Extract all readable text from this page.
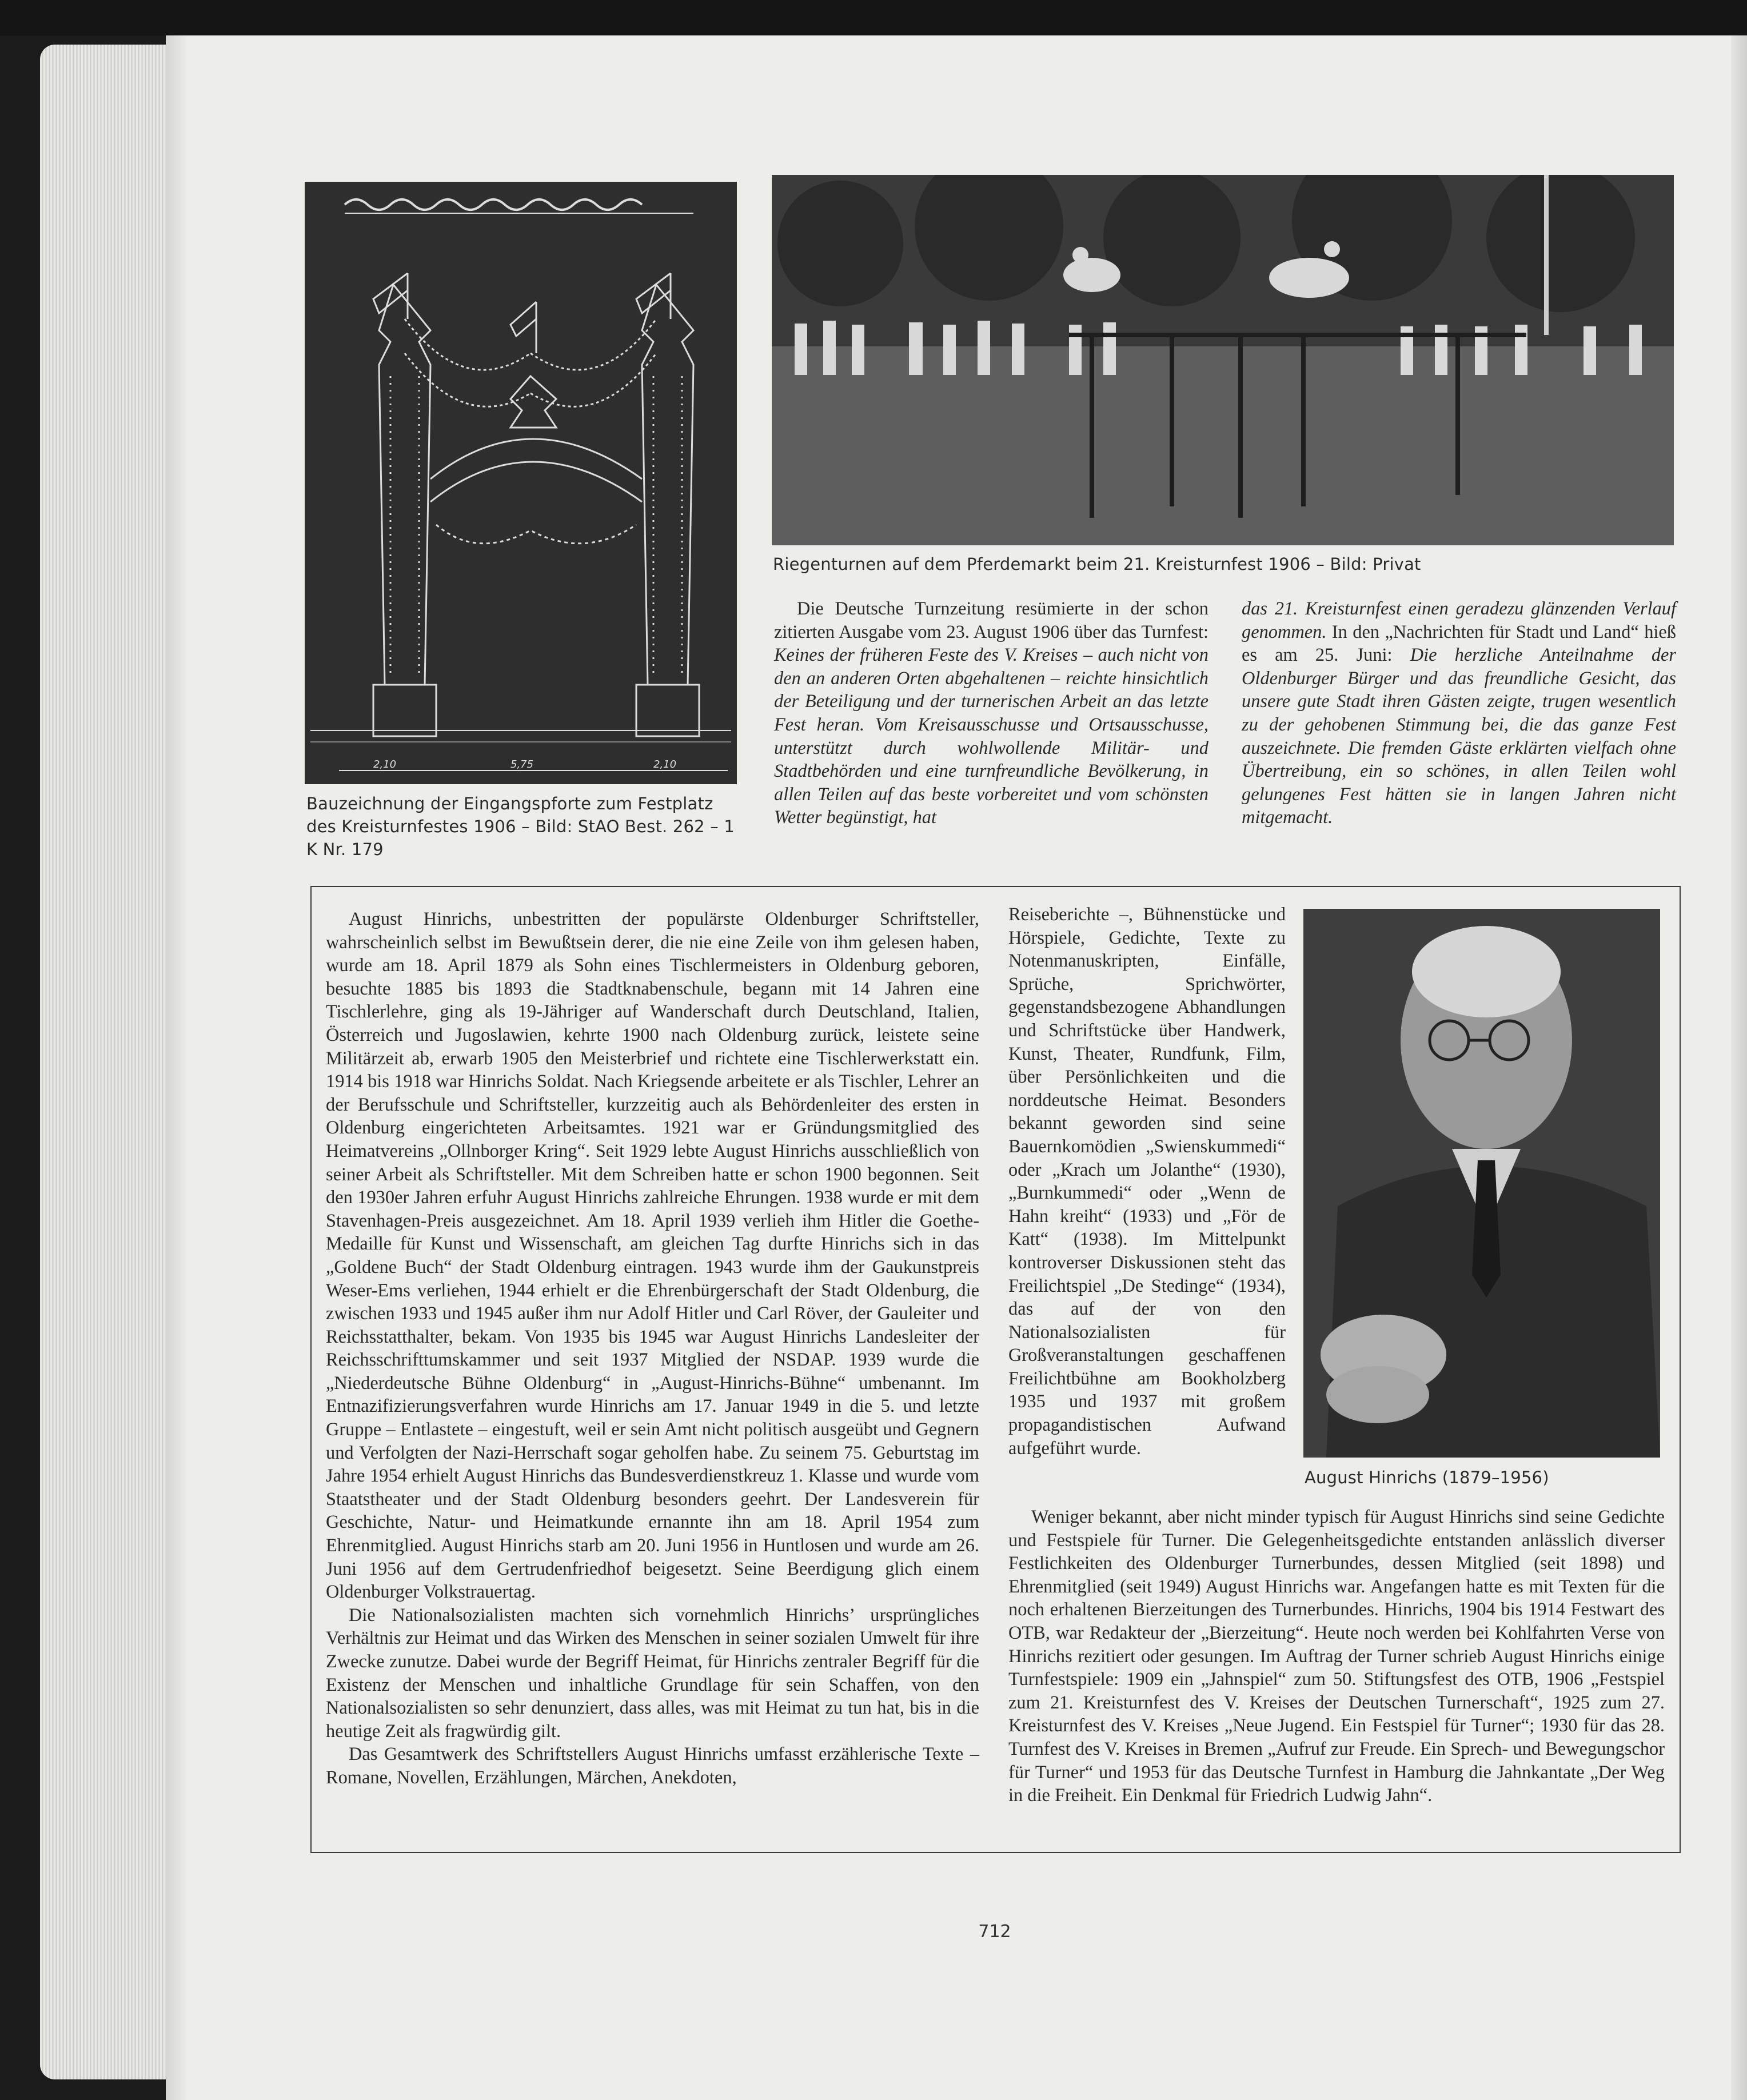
2,10	5,75	2,10
Bauzeichnung der Eingangspforte zum Festplatz des Kreisturnfestes 1906 – Bild: StAO Best. 262 – 1 K Nr. 179
Riegenturnen auf dem Pferdemarkt beim 21. Kreisturnfest 1906 – Bild: Privat

Die Deutsche Turnzeitung resümierte in der schon zitierten Ausgabe vom 23. August 1906 über das Turnfest: Keines der früheren Feste des V. Kreises – auch nicht von den an anderen Orten abgehaltenen – reichte hinsichtlich der Beteiligung und der turnerischen Arbeit an das letzte Fest heran. Vom Kreisausschusse und Ortsausschusse, unterstützt durch wohlwollende Militär- und Stadtbehörden und eine turnfreundliche Bevölkerung, in allen Teilen auf das beste vorbereitet und vom schönsten Wetter begünstigt, hat

das 21. Kreisturnfest einen geradezu glänzenden Verlauf genommen. In den „Nachrichten für Stadt und Land“ hieß es am 25. Juni: Die herzliche Anteilnahme der Oldenburger Bürger und das freundliche Gesicht, das unsere gute Stadt ihren Gästen zeigte, trugen wesentlich zu der gehobenen Stimmung bei, die das ganze Fest auszeichnete. Die fremden Gäste erklärten vielfach ohne Übertreibung, ein so schönes, in allen Teilen wohl gelungenes Fest hätten sie in langen Jahren nicht mitgemacht.

August Hinrichs, unbestritten der populärste Oldenburger Schriftsteller, wahrscheinlich selbst im Bewußtsein derer, die nie eine Zeile von ihm gelesen haben, wurde am 18. April 1879 als Sohn eines Tischlermeisters in Oldenburg geboren, besuchte 1885 bis 1893 die Stadtknabenschule, begann mit 14 Jahren eine Tischlerlehre, ging als 19-Jähriger auf Wanderschaft durch Deutschland, Italien, Österreich und Jugoslawien, kehrte 1900 nach Oldenburg zurück, leistete seine Militärzeit ab, erwarb 1905 den Meisterbrief und richtete eine Tischlerwerkstatt ein. 1914 bis 1918 war Hinrichs Soldat. Nach Kriegsende arbeitete er als Tischler, Lehrer an der Berufsschule und Schriftsteller, kurzzeitig auch als Behördenleiter des ersten in Oldenburg eingerichteten Arbeitsamtes. 1921 war er Gründungsmitglied des Heimatvereins „Ollnborger Kring“. Seit 1929 lebte August Hinrichs ausschließlich von seiner Arbeit als Schriftsteller. Mit dem Schreiben hatte er schon 1900 begonnen. Seit den 1930er Jahren erfuhr August Hinrichs zahlreiche Ehrungen. 1938 wurde er mit dem Stavenhagen-Preis ausgezeichnet. Am 18. April 1939 verlieh ihm Hitler die Goethe-Medaille für Kunst und Wissenschaft, am gleichen Tag durfte Hinrichs sich in das „Goldene Buch“ der Stadt Oldenburg eintragen. 1943 wurde ihm der Gaukunstpreis Weser-Ems verliehen, 1944 erhielt er die Ehrenbürgerschaft der Stadt Oldenburg, die zwischen 1933 und 1945 außer ihm nur Adolf Hitler und Carl Röver, der Gauleiter und Reichsstatthalter, bekam. Von 1935 bis 1945 war August Hinrichs Landesleiter der Reichsschrifttumskammer und seit 1937 Mitglied der NSDAP. 1939 wurde die „Niederdeutsche Bühne Oldenburg“ in „August-Hinrichs-Bühne“ umbenannt. Im Entnazifizierungsverfahren wurde Hinrichs am 17. Januar 1949 in die 5. und letzte Gruppe – Entlastete – eingestuft, weil er sein Amt nicht politisch ausgeübt und Gegnern und Verfolgten der Nazi-Herrschaft sogar geholfen habe. Zu seinem 75. Geburtstag im Jahre 1954 erhielt August Hinrichs das Bundesverdienstkreuz 1. Klasse und wurde vom Staatstheater und der Stadt Oldenburg besonders geehrt. Der Landesverein für Geschichte, Natur- und Heimatkunde ernannte ihn am 18. April 1954 zum Ehrenmitglied. August Hinrichs starb am 20. Juni 1956 in Huntlosen und wurde am 26. Juni 1956 auf dem Gertrudenfriedhof beigesetzt. Seine Beerdigung glich einem Oldenburger Volkstrauertag.

Die Nationalsozialisten machten sich vornehmlich Hinrichs’ ursprüngliches Verhältnis zur Heimat und das Wirken des Menschen in seiner sozialen Umwelt für ihre Zwecke zunutze. Dabei wurde der Begriff Heimat, für Hinrichs zentraler Begriff für die Existenz der Menschen und inhaltliche Grundlage für sein Schaffen, von den Nationalsozialisten so sehr denunziert, dass alles, was mit Heimat zu tun hat, bis in die heutige Zeit als fragwürdig gilt.

Das Gesamtwerk des Schriftstellers August Hinrichs umfasst erzählerische Texte – Romane, Novellen, Erzählungen, Märchen, Anekdoten,

Reiseberichte –, Bühnenstücke und Hörspiele, Gedichte, Texte zu Notenmanuskripten, Einfälle, Sprüche, Sprichwörter, gegenstandsbezogene Abhandlungen und Schriftstücke über Handwerk, Kunst, Theater, Rundfunk, Film, über Persönlichkeiten und die norddeutsche Heimat. Besonders bekannt geworden sind seine Bauernkomödien „Swienskummedi“ oder „Krach um Jolanthe“ (1930), „Burnkummedi“ oder „Wenn de Hahn kreiht“ (1933) und „För de Katt“ (1938). Im Mittelpunkt kontroverser Diskussionen steht das Freilichtspiel „De Stedinge“ (1934), das auf der von den Nationalsozialisten für Großveranstaltungen geschaffenen Freilichtbühne am Bookholzberg 1935 und 1937 mit großem propagandistischen Aufwand aufgeführt wurde.

August Hinrichs (1879–1956)

Weniger bekannt, aber nicht minder typisch für August Hinrichs sind seine Gedichte und Festspiele für Turner. Die Gelegenheitsgedichte entstanden anlässlich diverser Festlichkeiten des Oldenburger Turnerbundes, dessen Mitglied (seit 1898) und Ehrenmitglied (seit 1949) August Hinrichs war. Angefangen hatte es mit Texten für die noch erhaltenen Bierzeitungen des Turnerbundes. Hinrichs, 1904 bis 1914 Festwart des OTB, war Redakteur der „Bierzeitung“. Heute noch werden bei Kohlfahrten Verse von Hinrichs rezitiert oder gesungen. Im Auftrag der Turner schrieb August Hinrichs einige Turnfestspiele: 1909 ein „Jahnspiel“ zum 50. Stiftungsfest des OTB, 1906 „Festspiel zum 21. Kreisturnfest des V. Kreises der Deutschen Turnerschaft“, 1925 zum 27. Kreisturnfest des V. Kreises „Neue Jugend. Ein Festspiel für Turner“; 1930 für das 28. Turnfest des V. Kreises in Bremen „Aufruf zur Freude. Ein Sprech- und Bewegungschor für Turner“ und 1953 für das Deutsche Turnfest in Hamburg die Jahnkantate „Der Weg in die Freiheit. Ein Denkmal für Friedrich Ludwig Jahn“.

712
